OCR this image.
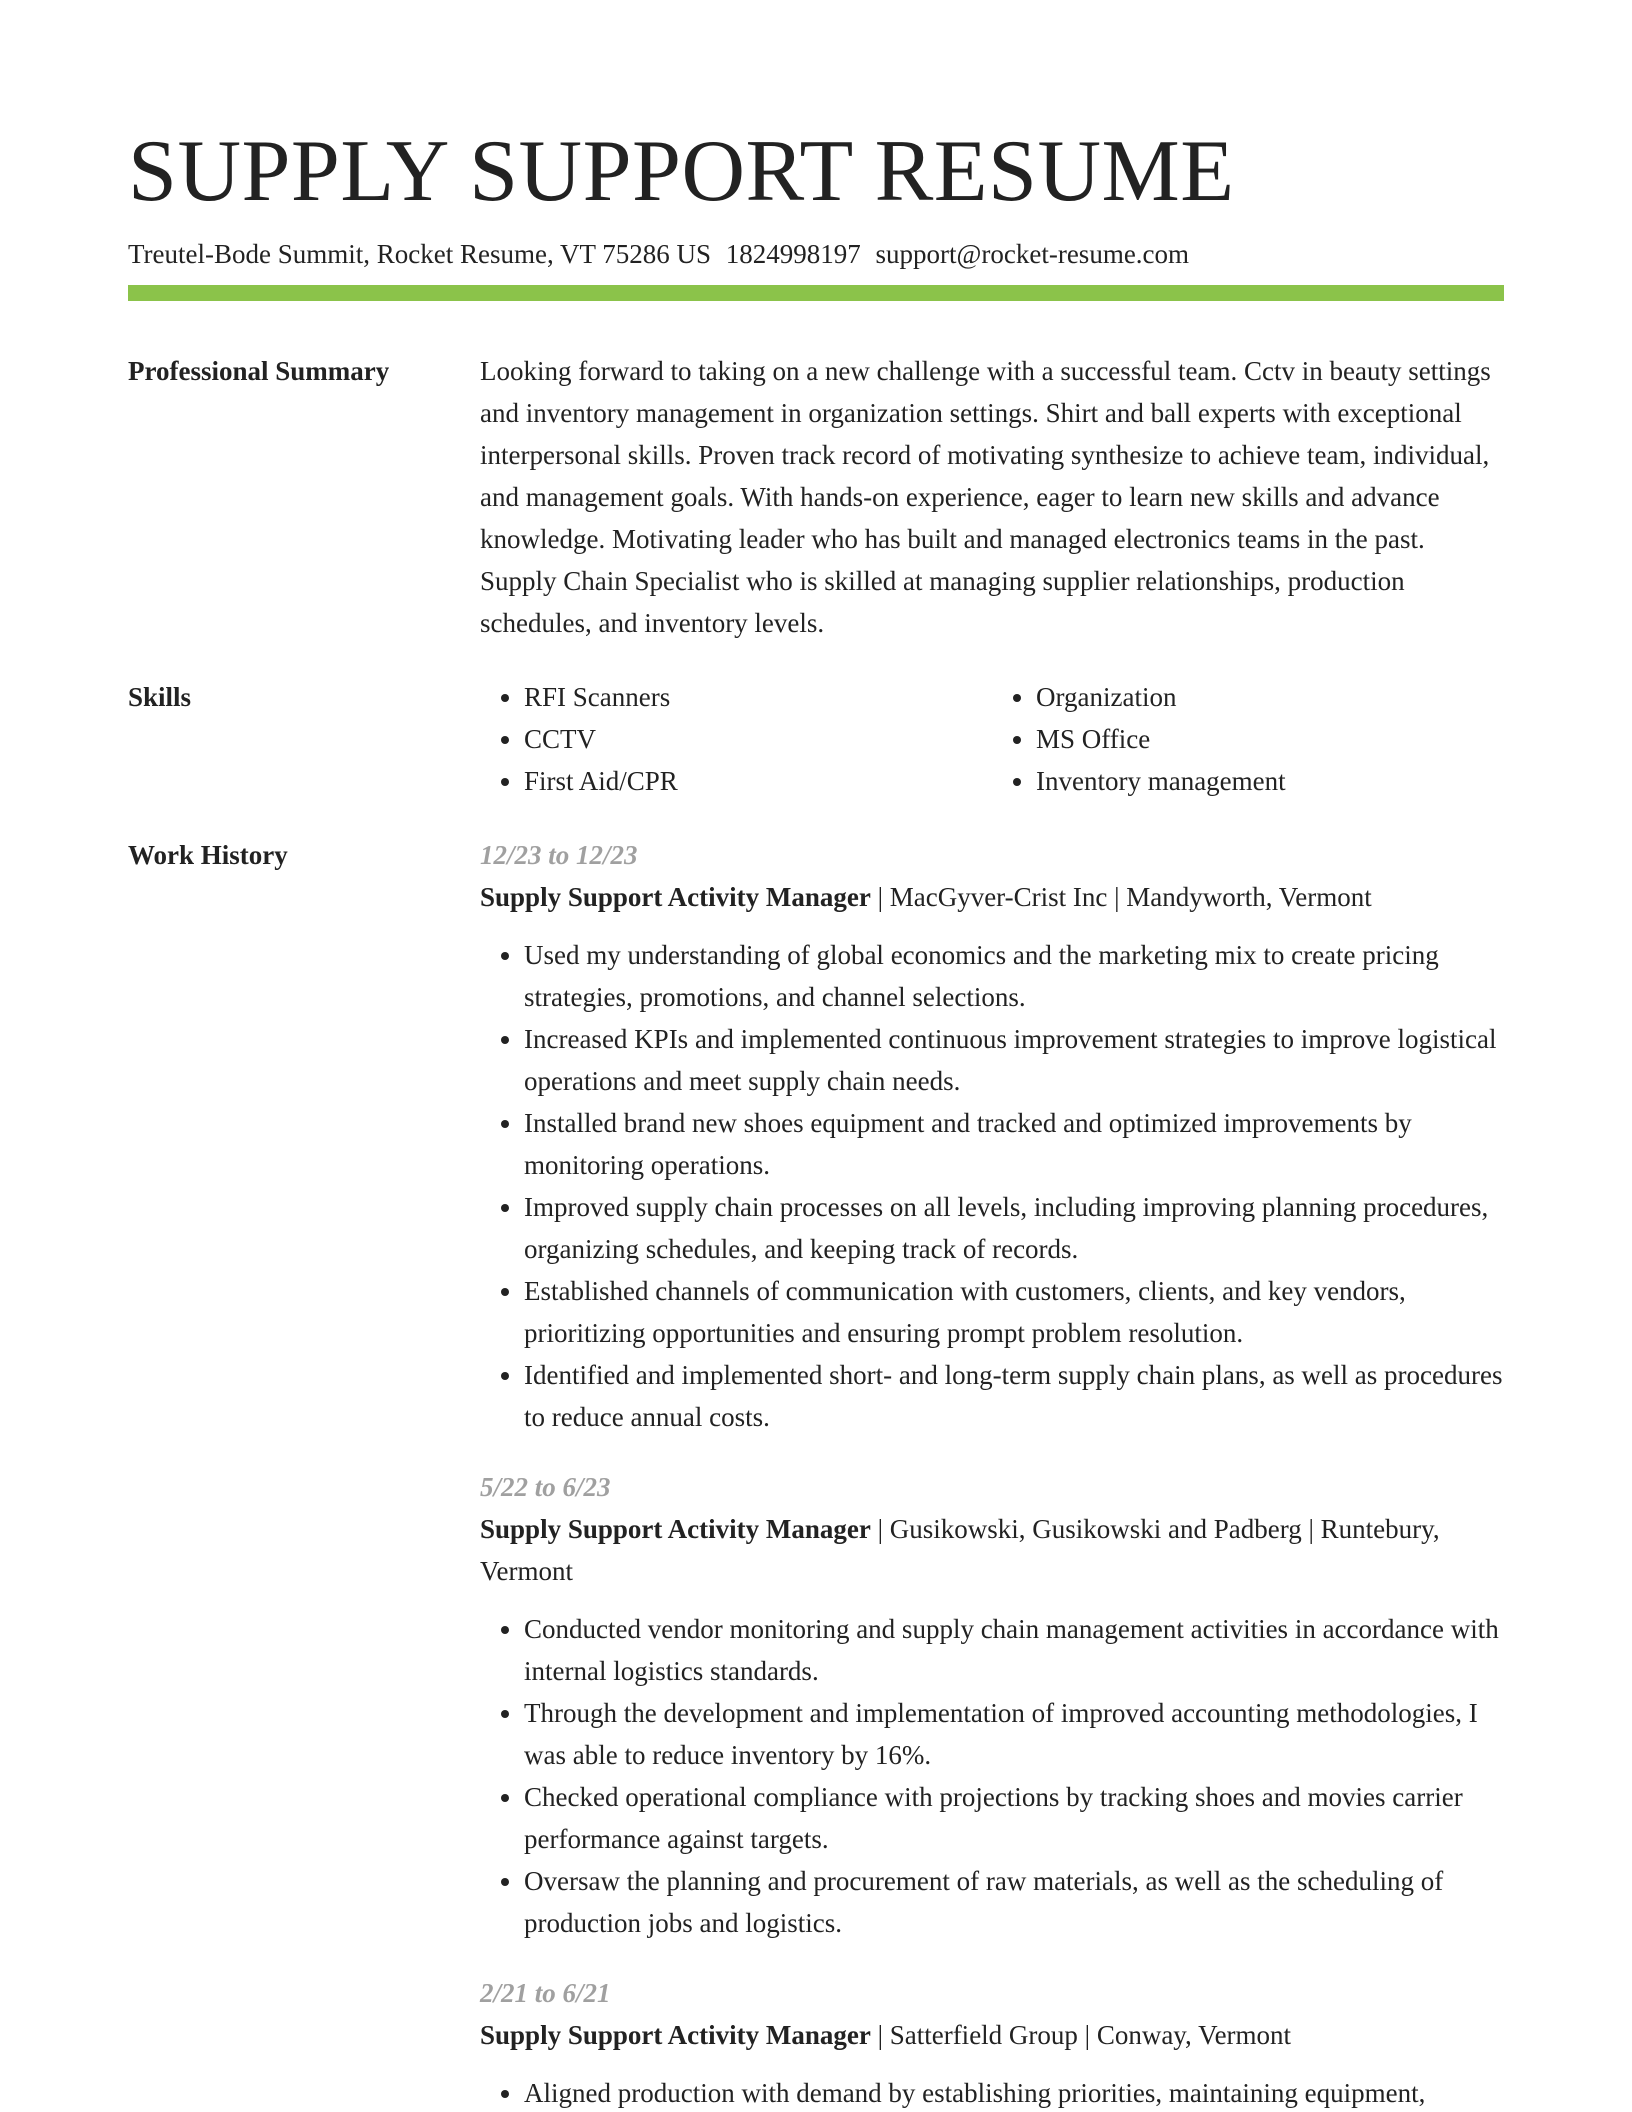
SUPPLY SUPPORT RESUME
Treutel-Bode Summit, Rocket Resume, VT 75286 US 1824998197 support@rocket-resume.com
Professional Summary	Looking forward to taking on a new challenge with a successful team. Cctv in beauty settings and inventory management in organization settings. Shirt and ball experts with exceptional interpersonal skills. Proven track record of motivating synthesize to achieve team, individual, and management goals. With hands-on experience, eager to learn new skills and advance knowledge. Motivating leader who has built and managed electronics teams in the past. Supply Chain Specialist who is skilled at managing supplier relationships, production schedules, and inventory levels.

Skills
•	RFI Scanners
• CCTV
• First Aid/CPR
• Organization
• MS Office
• Inventory management
Work History	12/23 to 12/23
Supply Support Activity Manager | MacGyver-Crist Inc | Mandyworth, Vermont
• Used my understanding of global economics and the marketing mix to create pricing strategies, promotions, and channel selections.
• Increased KPIs and implemented continuous improvement strategies to improve logistical operations and meet supply chain needs.
• Installed brand new shoes equipment and tracked and optimized improvements by monitoring operations.
• Improved supply chain processes on all levels, including improving planning procedures, organizing schedules, and keeping track of records.
• Established channels of communication with customers, clients, and key vendors, prioritizing opportunities and ensuring prompt problem resolution.
• Identified and implemented short- and long-term supply chain plans, as well as procedures to reduce annual costs.
5/22 to 6/23
Supply Support Activity Manager | Gusikowski, Gusikowski and Padberg | Runtebury, Vermont
• Conducted vendor monitoring and supply chain management activities in accordance with internal logistics standards.
• Through the development and implementation of improved accounting methodologies, I was able to reduce inventory by 16%.
• Checked operational compliance with projections by tracking shoes and movies carrier performance against targets.
• Oversaw the planning and procurement of raw materials, as well as the scheduling of production jobs and logistics.
2/21 to 6/21
Supply Support Activity Manager | Satterfield Group | Conway, Vermont
• Aligned production with demand by establishing priorities, maintaining equipment,
